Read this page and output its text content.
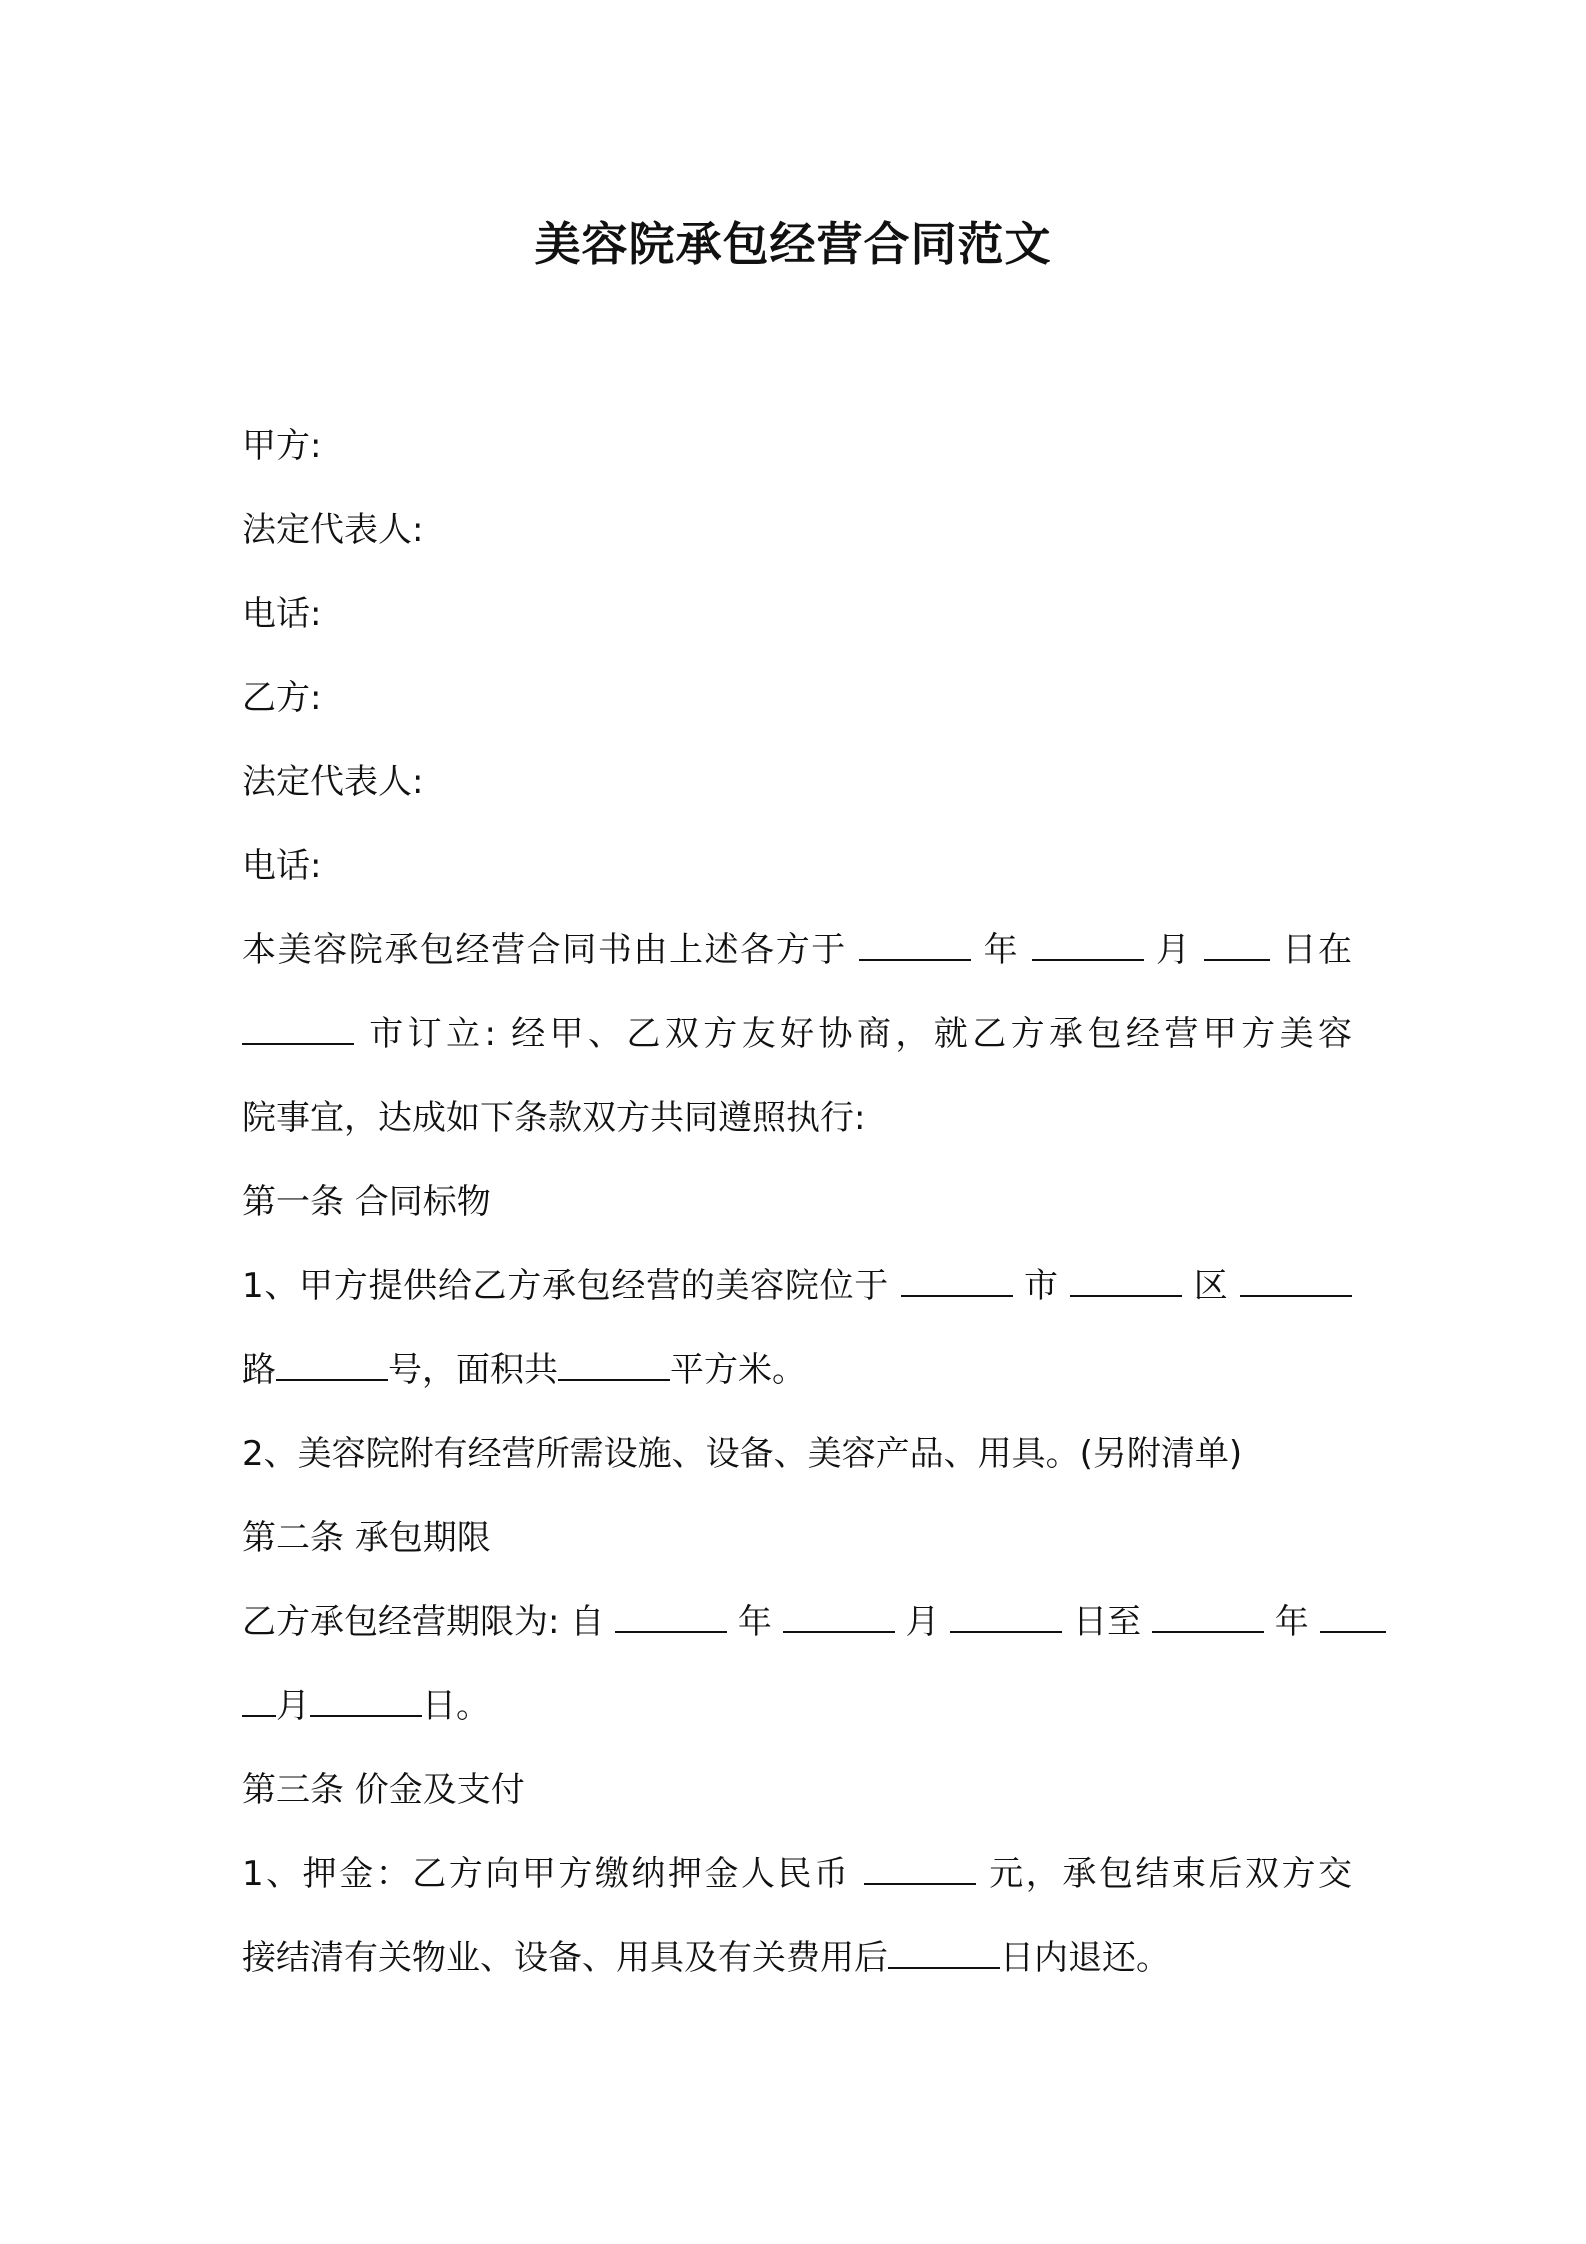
美容院承包经营合同范文
甲方:
法定代表人:
电话:
乙方:
法定代表人:
电话:
本美容院承包经营合同书由上述各方于	年	月	日在
市订立: 经甲、乙双方友好协商，就乙方承包经营甲方美容
院事宜，达成如下条款双方共同遵照执行:
第一条 合同标物
1、甲方提供给乙方承包经营的美容院位于	市	区
路	号，面积共	平方米。
2、美容院附有经营所需设施、设备、美容产品、用具。(另附清单)
第二条 承包期限
乙方承包经营期限为: 自	年	月	日至	年
月	日。
第三条 价金及支付
1、押金：乙方向甲方缴纳押金人民币	元，承包结束后双方交
接结清有关物业、设备、用具及有关费用后	日内退还。
